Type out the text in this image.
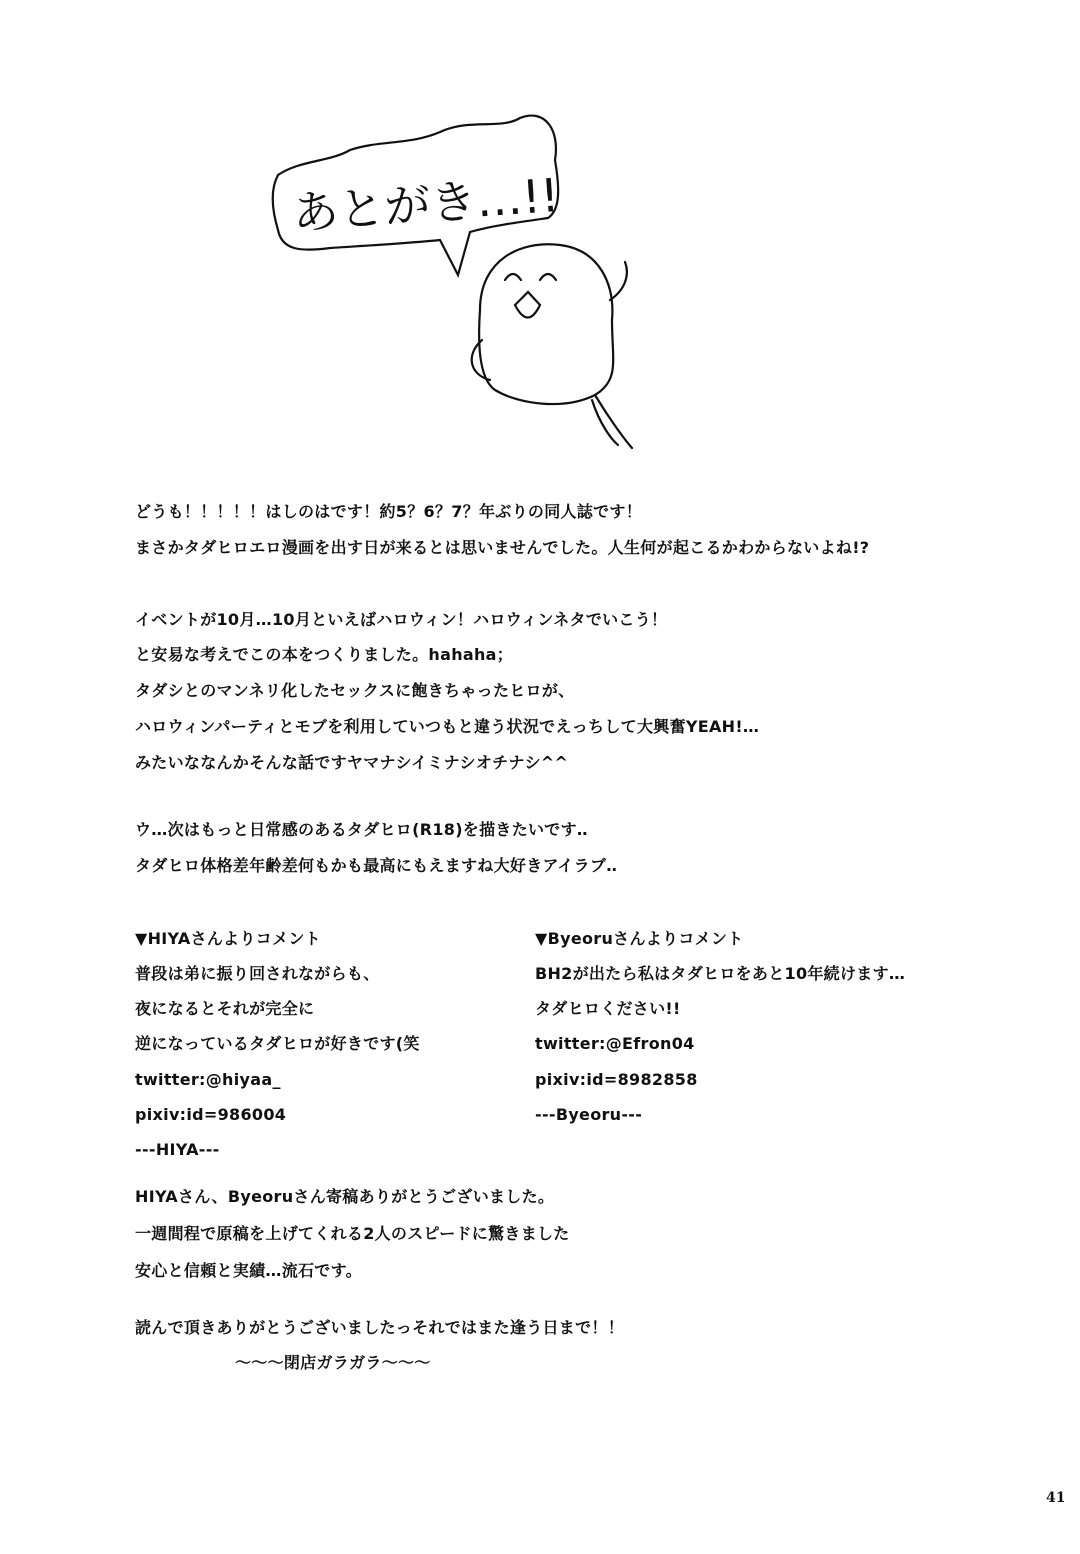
あとがき…!!
どうも！！！！！はしのはです！約5？6？7？年ぶりの同人誌です！
まさかタダヒロエロ漫画を出す日が来るとは思いませんでした。人生何が起こるかわからないよね!?
イベントが10月…10月といえばハロウィン！ハロウィンネタでいこう！
と安易な考えでこの本をつくりました。hahaha；
タダシとのマンネリ化したセックスに飽きちゃったヒロが、
ハロウィンパーティとモブを利用していつもと違う状況でえっちして大興奮YEAH!…
みたいななんかそんな話ですヤマナシイミナシオチナシ^^
ウ…次はもっと日常感のあるタダヒロ(R18)を描きたいです‥
タダヒロ体格差年齢差何もかも最高にもえますね大好きアイラブ‥
▼HIYAさんよりコメント
普段は弟に振り回されながらも、
夜になるとそれが完全に
逆になっているタダヒロが好きです(笑
twitter:@hiyaa_
pixiv:id=986004
---HIYA---
▼Byeoruさんよりコメント
BH2が出たら私はタダヒロをあと10年続けます…
タダヒロください!!
twitter:@Efron04
pixiv:id=8982858
---Byeoru---
HIYAさん、Byeoruさん寄稿ありがとうございました。
一週間程で原稿を上げてくれる2人のスピードに驚きました
安心と信頼と実績…流石です。
読んで頂きありがとうございましたっそれではまた逢う日まで！！
～～～閉店ガラガラ～～～
41
